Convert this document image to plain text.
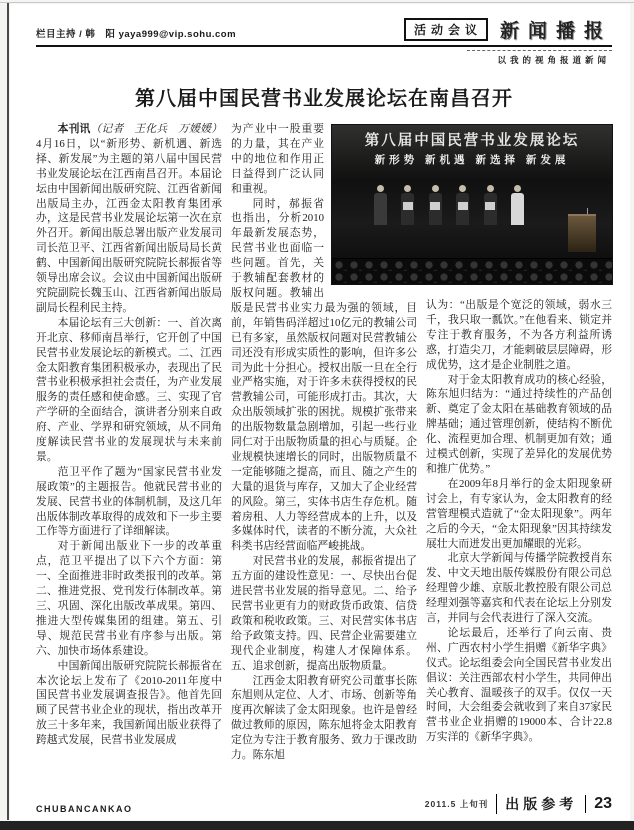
栏目主持 / 韩　阳 yaya999@vip.sohu.com	活动会议 新闻播报
以我的视角报道新闻
第八届中国民营书业发展论坛在南昌召开
第八届中国民营书业发展论坛
新形势 新机遇 新选择 新发展

本刊讯（记者　王化兵　万媛媛）4月16日，以“新形势、新机遇、新选择、新发展”为主题的第八届中国民营书业发展论坛在江西南昌召开。本届论坛由中国新闻出版研究院、江西省新闻出版局主办，江西金太阳教育集团承办，这是民营书业发展论坛第一次在京外召开。新闻出版总署出版产业发展司司长范卫平、江西省新闻出版局局长黄鹤、中国新闻出版研究院院长郝振省等领导出席会议。会议由中国新闻出版研究院副院长魏玉山、江西省新闻出版局副局长程利民主持。

本届论坛有三大创新：一、首次离开北京、移师南昌举行，它开创了中国民营书业发展论坛的新模式。二、江西金太阳教育集团积极承办，表现出了民营书业积极承担社会责任，为产业发展服务的责任感和使命感。三、实现了官产学研的全面结合，演讲者分别来自政府、产业、学界和研究领域，从不同角度解读民营书业的发展现状与未来前景。

范卫平作了题为“国家民营书业发展政策”的主题报告。他就民营书业的发展、民营书业的体制机制，及这几年出版体制改革取得的成效和下一步主要工作等方面进行了详细解读。

对于新闻出版业下一步的改革重点，范卫平提出了以下六个方面：第一、全面推进非时政类报刊的改革。第二、推进党报、党刊发行体制改革。第三、巩固、深化出版改革成果。第四、推进大型传媒集团的组建。第五、引导、规范民营书业有序参与出版。第六、加快市场体系建设。

中国新闻出版研究院院长郝振省在本次论坛上发布了《2010-2011年度中国民营书业发展调查报告》。他首先回顾了民营书业企业的现状，指出改革开放三十多年来，我国新闻出版业获得了跨越式发展，民营书业发展成

为产业中一股重要的力量，其在产业中的地位和作用正日益得到广泛认同和重视。

同时，郝振省也指出，分析2010年最新发展态势，民营书业也面临一些问题。首先，关于教辅配套教材的版权问题。教辅出版是民营书业实力最为强的领域，目前，年销售码洋超过10亿元的教辅公司已有多家，虽然版权问题对民营教辅公司还没有形成实质性的影响，但许多公司为此十分担心。授权出版一旦在全行业严格实施，对于许多未获得授权的民营教辅公司，可能形成打击。其次，大众出版领域扩张的困扰。规模扩张带来的出版物数量急剧增加，引起一些行业同仁对于出版物质量的担心与质疑。企业规模快速增长的同时，出版物质量不一定能够随之提高，而且、随之产生的大量的退货与库存，又加大了企业经营的风险。第三，实体书店生存危机。随着房租、人力等经营成本的上升，以及多媒体时代，读者的不断分流，大众社科类书店经营面临严峻挑战。

对民营书业的发展，郝振省提出了五方面的建设性意见：一、尽快出台促进民营书业发展的指导意见。二、给予民营书业更有力的财政货币政策、信贷政策和税收政策。三、对民营实体书店给予政策支持。四、民营企业需要建立现代企业制度，构建人才保障体系。五、追求创新，提高出版物质量。

江西金太阳教育研究公司董事长陈东旭则从定位、人才、市场、创新等角度再次解读了金太阳现象。也许是曾经做过教师的原因，陈东旭将金太阳教育定位为专注于教育服务、致力于课改助力。陈东旭

认为：“出版是个宽泛的领域，弱水三千，我只取一瓢饮。”在他看来、锁定并专注于教育服务，不为各方利益所诱惑，打造尖刀，才能刺破层层障碍，形成优势，这才是企业制胜之道。

对于金太阳教育成功的核心经验，陈东旭归结为：“通过持续性的产品创新、奠定了金太阳在基础教育领域的品牌基础；通过管理创新，使结构不断优化、流程更加合理、机制更加有效；通过模式创新，实现了差异化的发展优势和推广优势。”

在2009年8月举行的金太阳现象研讨会上，有专家认为，金太阳教育的经营管理模式造就了“金太阳现象”。两年之后的今天，“金太阳现象”因其持续发展壮大而迸发出更加耀眼的光彩。

北京大学新闻与传播学院教授肖东发、中文天地出版传媒股份有限公司总经理曾少雄、京版北教控股有限公司总经理刘强等嘉宾和代表在论坛上分别发言，并同与会代表进行了深入交流。

论坛最后，还举行了向云南、贵州、广西农村小学生捐赠《新华字典》仪式。论坛组委会向全国民营书业发出倡议：关注西部农村小学生，共同伸出关心教育、温暖孩子的双手。仅仅一天时间，大会组委会就收到了来自37家民营书业企业捐赠的19000本、合计22.8万实洋的《新华字典》。

CHUBANCANKAO	2011.5 上旬刊	出版参考	23
